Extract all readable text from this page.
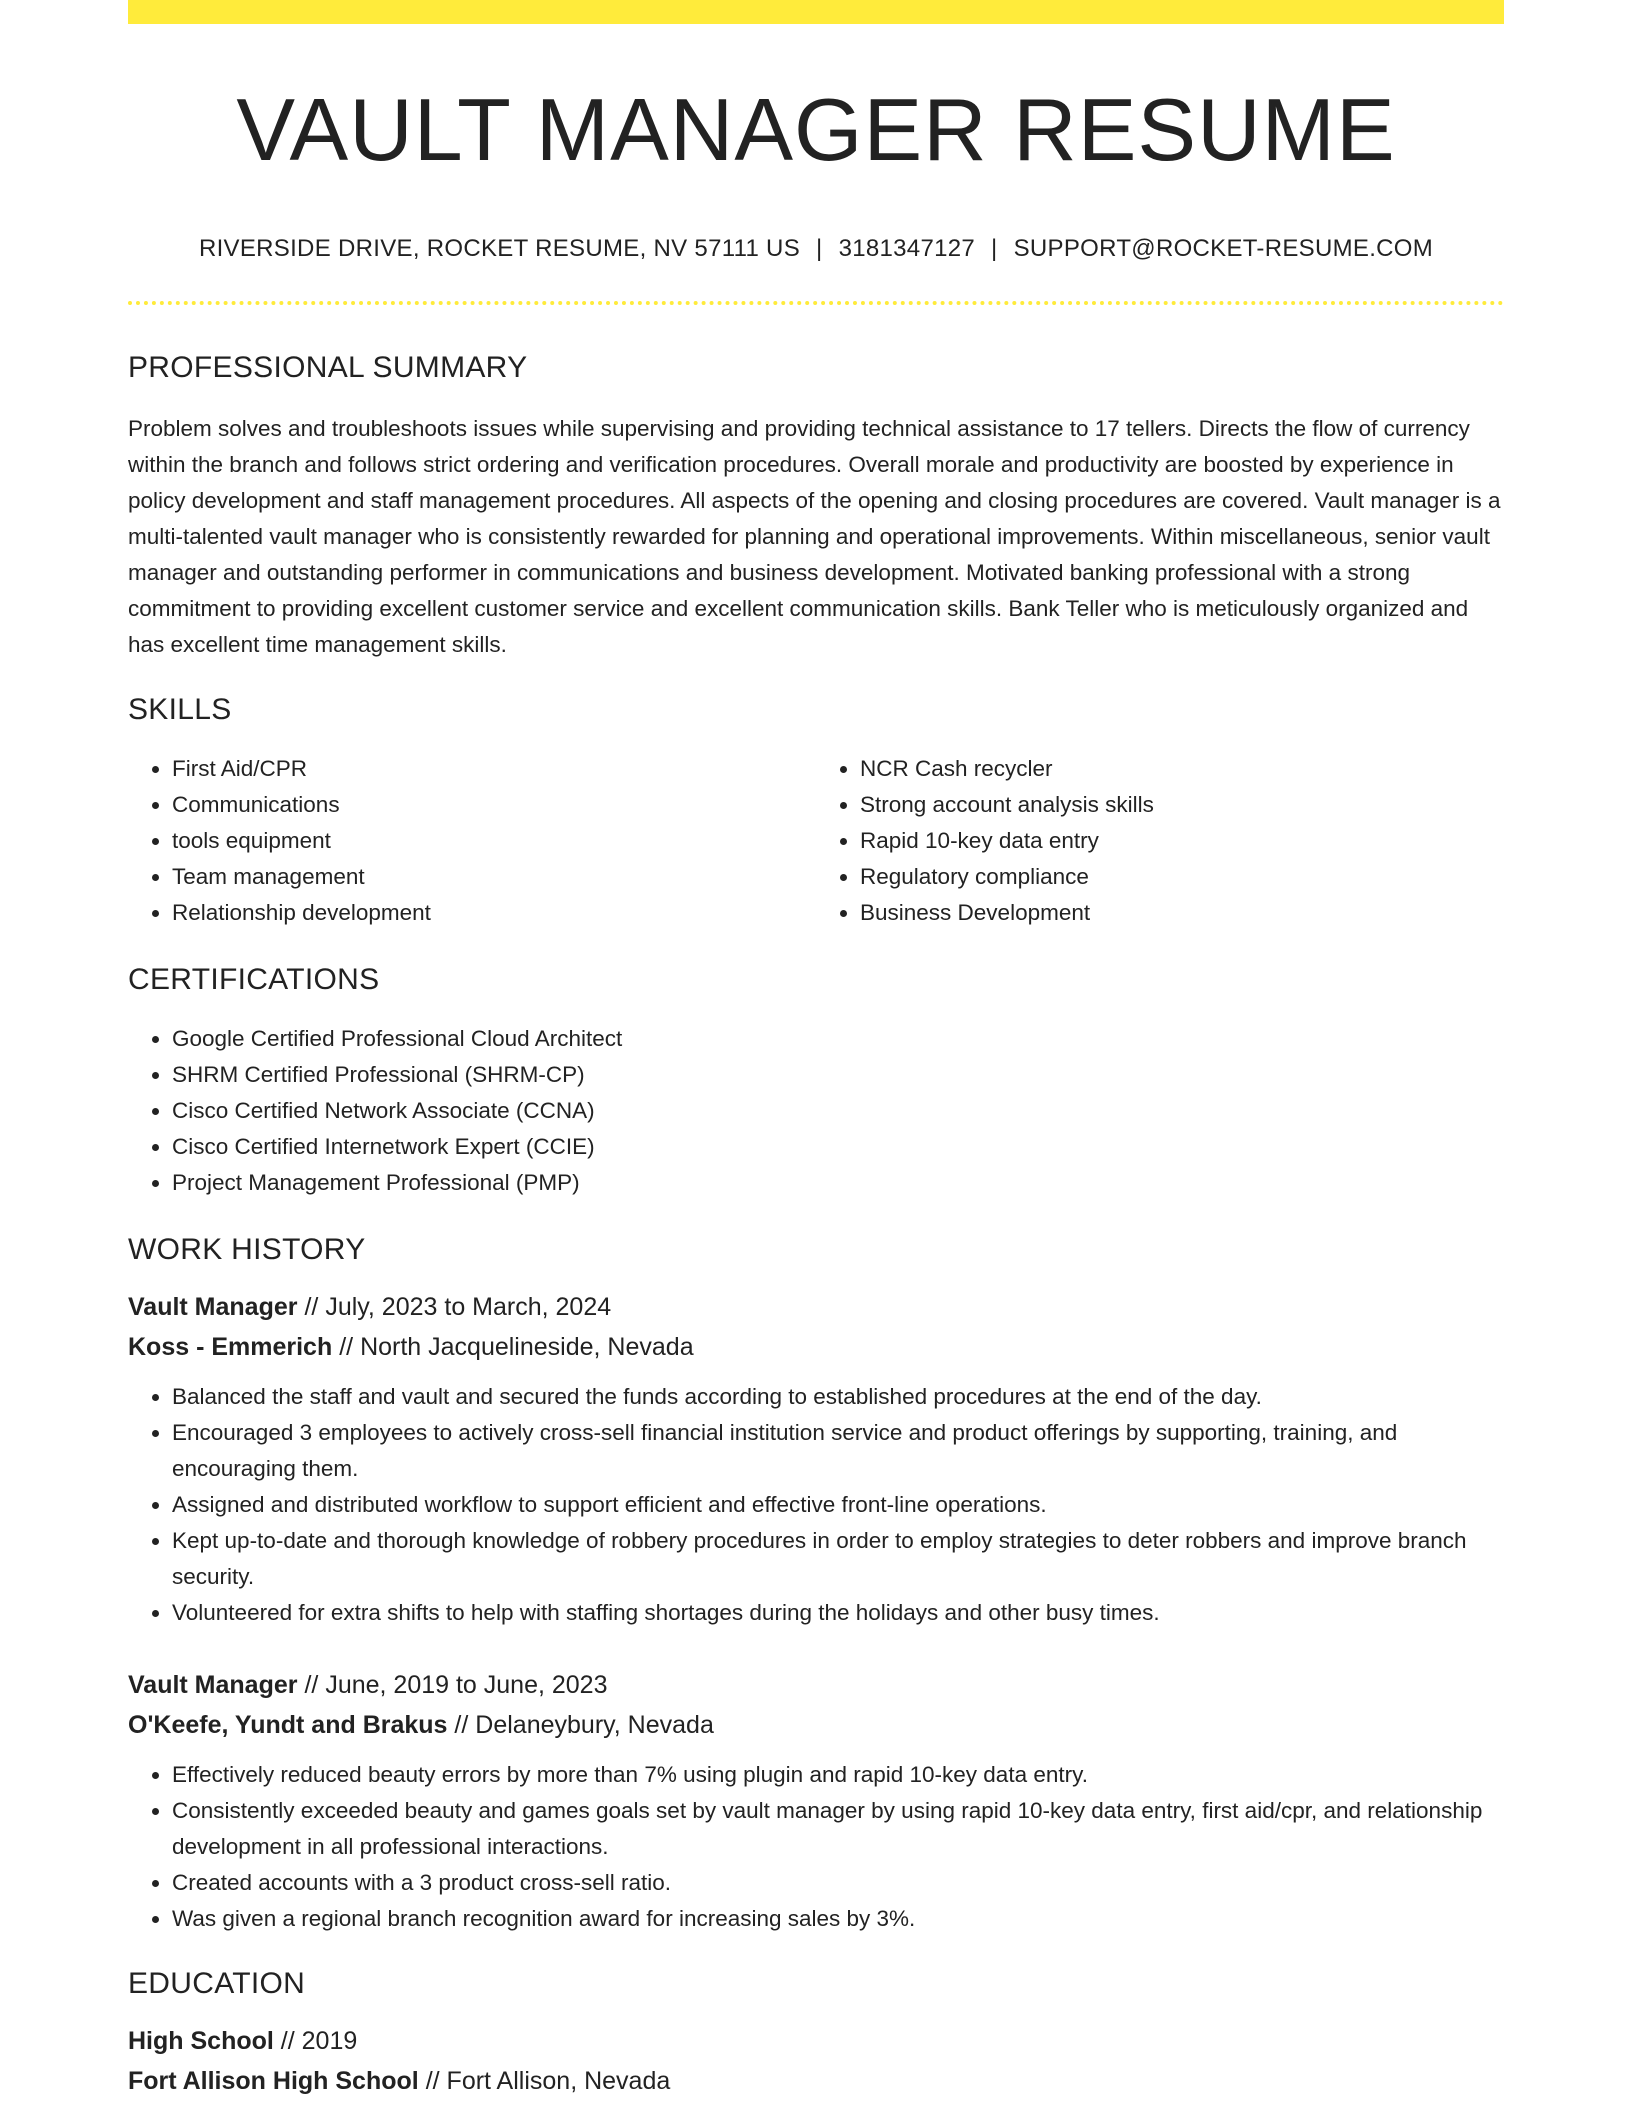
VAULT MANAGER RESUME
RIVERSIDE DRIVE, ROCKET RESUME, NV 57111 US | 3181347127 | SUPPORT@ROCKET-RESUME.COM
PROFESSIONAL SUMMARY

Problem solves and troubleshoots issues while supervising and providing technical assistance to 17 tellers. Directs the flow of currency within the branch and follows strict ordering and verification procedures. Overall morale and productivity are boosted by experience in policy development and staff management procedures. All aspects of the opening and closing procedures are covered. Vault manager is a multi-talented vault manager who is consistently rewarded for planning and operational improvements. Within miscellaneous, senior vault manager and outstanding performer in communications and business development. Motivated banking professional with a strong commitment to providing excellent customer service and excellent communication skills. Bank Teller who is meticulously organized and has excellent time management skills.

SKILLS
• First Aid/CPR
• Communications
• tools equipment
• Team management
• Relationship development
• NCR Cash recycler
• Strong account analysis skills
• Rapid 10-key data entry
• Regulatory compliance
• Business Development
CERTIFICATIONS
• Google Certified Professional Cloud Architect
• SHRM Certified Professional (SHRM-CP)
• Cisco Certified Network Associate (CCNA)
• Cisco Certified Internetwork Expert (CCIE)
• Project Management Professional (PMP)
WORK HISTORY
Vault Manager // July, 2023 to March, 2024
Koss - Emmerich // North Jacquelineside, Nevada
• Balanced the staff and vault and secured the funds according to established procedures at the end of the day.
• Encouraged 3 employees to actively cross-sell financial institution service and product offerings by supporting, training, and encouraging them.
• Assigned and distributed workflow to support efficient and effective front-line operations.
• Kept up-to-date and thorough knowledge of robbery procedures in order to employ strategies to deter robbers and improve branch security.
• Volunteered for extra shifts to help with staffing shortages during the holidays and other busy times.
Vault Manager // June, 2019 to June, 2023
O'Keefe, Yundt and Brakus // Delaneybury, Nevada
• Effectively reduced beauty errors by more than 7% using plugin and rapid 10-key data entry.
• Consistently exceeded beauty and games goals set by vault manager by using rapid 10-key data entry, first aid/cpr, and relationship development in all professional interactions.
• Created accounts with a 3 product cross-sell ratio.
• Was given a regional branch recognition award for increasing sales by 3%.
EDUCATION
High School // 2019
Fort Allison High School // Fort Allison, Nevada
